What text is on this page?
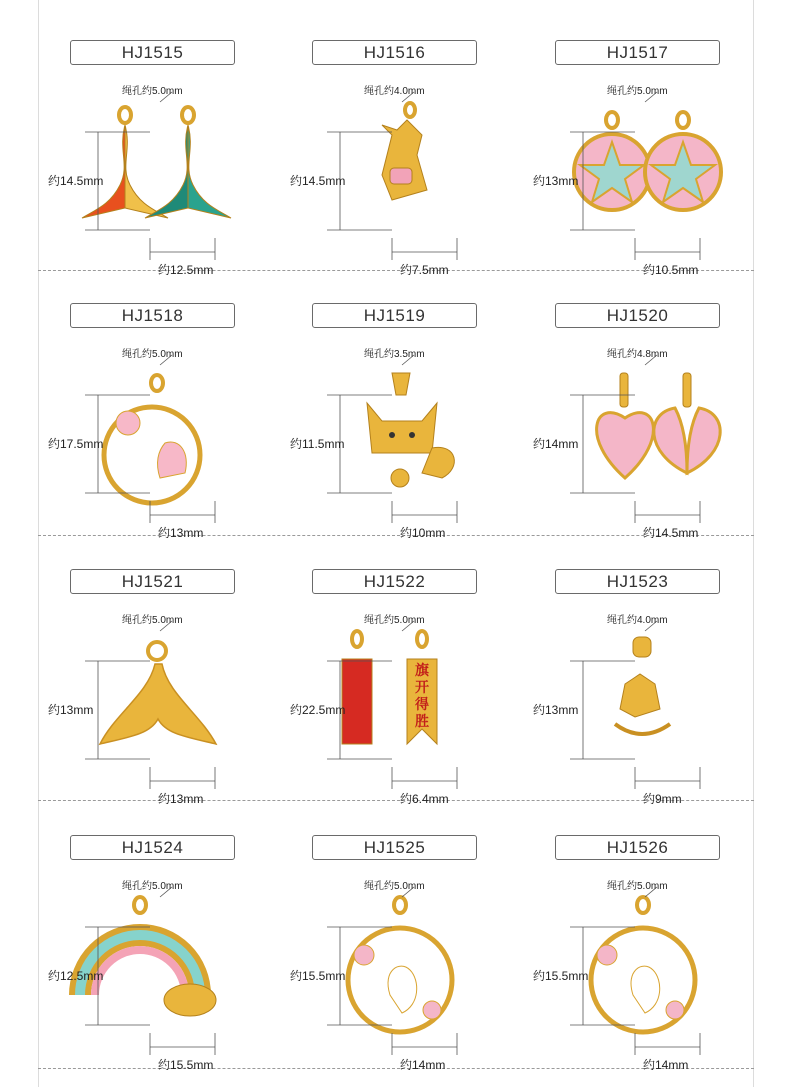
HJ1515
绳孔约5.0mm
约14.5mm
约12.5mm
HJ1516
绳孔约4.0mm
约14.5mm
约7.5mm
HJ1517
绳孔约5.0mm
约13mm
约10.5mm
HJ1518
绳孔约5.0mm
约17.5mm
约13mm
HJ1519
绳孔约3.5mm
约11.5mm
约10mm
HJ1520
绳孔约4.8mm
约14mm
约14.5mm
HJ1521
绳孔约5.0mm
约13mm
约13mm
HJ1522
绳孔约5.0mm
约22.5mm
约6.4mm
旗
开
得
胜
HJ1523
绳孔约4.0mm
约13mm
约9mm
HJ1524
绳孔约5.0mm
约12.5mm
约15.5mm
HJ1525
绳孔约5.0mm
约15.5mm
约14mm
HJ1526
绳孔约5.0mm
约15.5mm
约14mm
